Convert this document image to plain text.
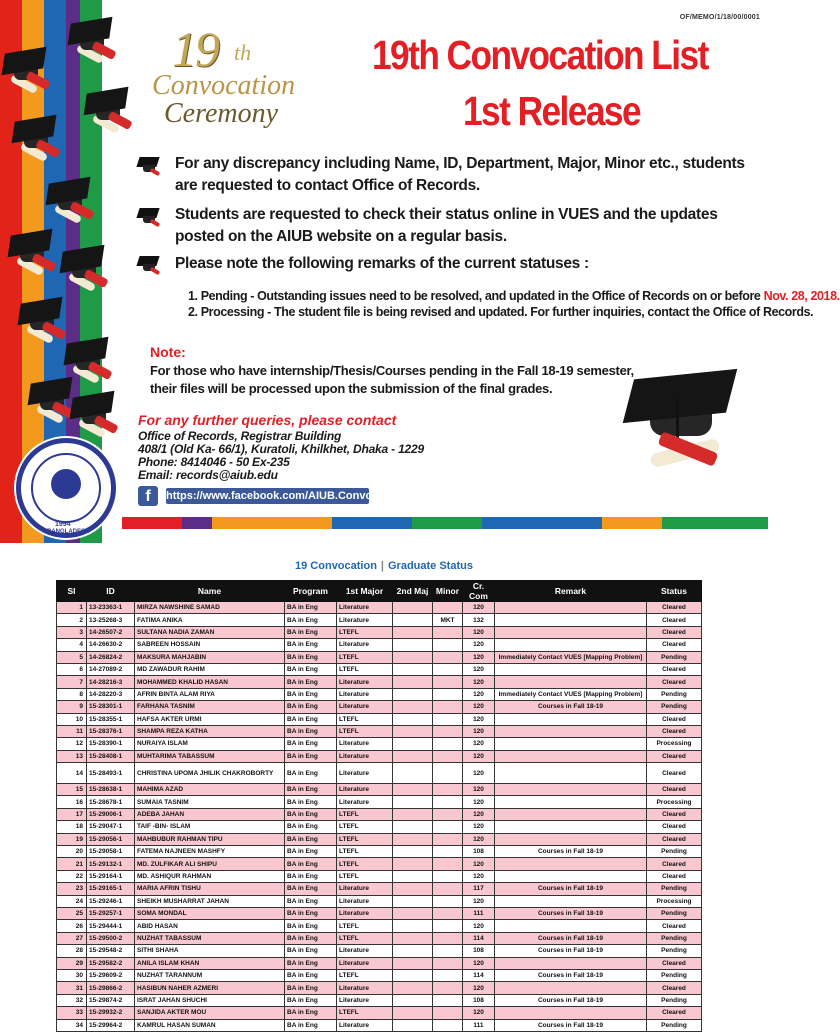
1994
BANGLADESH
OF/MEMO/1/18/00/0001
19 th
Convocation
Ceremony
19th Convocation List
1st Release
For any discrepancy including Name, ID, Department, Major, Minor etc., students are requested to contact Office of Records.
Students are requested to check their status online in VUES and the updates posted on the AIUB website on a regular basis.
Please note the following remarks of the current statuses :
1. Pending - Outstanding issues need to be resolved, and updated in the Office of Records on or before Nov. 28, 2018.
2. Processing - The student file is being revised and updated. For further inquiries, contact the Office of Records.
Note:
For those who have internship/Thesis/Courses pending in the Fall 18-19 semester,
their files will be processed upon the submission of the final grades.
For any further queries, please contact
Office of Records, Registrar Building
408/1 (Old Ka- 66/1), Kuratoli, Khilkhet, Dhaka - 1229
Phone: 8414046 - 50 Ex-235
Email: records@aiub.edu
f	https://www.facebook.com/AIUB.Convo
19 Convocation | Graduate Status
Sl	ID	Name	Program	1st Major	2nd Maj	Minor	Cr. Com	Remark	Status
1	13-23363-1	MIRZA NAWSHINE SAMAD	BA in Eng	Literature			120		Cleared
2	13-25268-3	FATIMA ANIKA	BA in Eng	Literature		MKT	132		Cleared
3	14-26507-2	SULTANA NADIA ZAMAN	BA in Eng	LTEFL			120		Cleared
4	14-26630-2	SABREEN HOSSAIN	BA in Eng	Literature			120		Cleared
5	14-26824-2	MAKSURA MAHJABIN	BA in Eng	LTEFL			120	Immediately Contact VUES [Mapping Problem]	Pending
6	14-27089-2	MD ZAWADUR RAHIM	BA in Eng	LTEFL			120		Cleared
7	14-28216-3	MOHAMMED KHALID HASAN	BA in Eng	Literature			120		Cleared
8	14-28220-3	AFRIN BINTA ALAM RIYA	BA in Eng	Literature			120	Immediately Contact VUES [Mapping Problem]	Pending
9	15-28301-1	FARHANA TASNIM	BA in Eng	Literature			120	Courses in Fall 18-19	Pending
10	15-28355-1	HAFSA AKTER URMI	BA in Eng	LTEFL			120		Cleared
11	15-28376-1	SHAMPA REZA KATHA	BA in Eng	LTEFL			120		Cleared
12	15-28390-1	NURAIYA ISLAM	BA in Eng	Literature			120		Processing
13	15-28408-1	MUHTARIMA TABASSUM	BA in Eng	Literature			120		Cleared
14	15-28493-1	CHRISTINA UPOMA JHILIK CHAKROBORTY	BA in Eng	Literature			120		Cleared
15	15-28638-1	MAHIMA AZAD	BA in Eng	Literature			120		Cleared
16	15-28678-1	SUMAIA TASNIM	BA in Eng	Literature			120		Processing
17	15-29006-1	ADEBA JAHAN	BA in Eng	LTEFL			120		Cleared
18	15-29047-1	TAIF -BIN- ISLAM	BA in Eng	LTEFL			120		Cleared
19	15-29056-1	MAHBUBUR RAHMAN TIPU	BA in Eng	LTEFL			120		Cleared
20	15-29058-1	FATEMA NAJNEEN MASHFY	BA in Eng	LTEFL			108	Courses in Fall 18-19	Pending
21	15-29132-1	MD. ZULFIKAR ALI SHIPU	BA in Eng	LTEFL			120		Cleared
22	15-29164-1	MD. ASHIQUR RAHMAN	BA in Eng	LTEFL			120		Cleared
23	15-29165-1	MARIA AFRIN TISHU	BA in Eng	Literature			117	Courses in Fall 18-19	Pending
24	15-29246-1	SHEIKH MUSHARRAT JAHAN	BA in Eng	Literature			120		Processing
25	15-29257-1	SOMA MONDAL	BA in Eng	Literature			111	Courses in Fall 18-19	Pending
26	15-29444-1	ABID HASAN	BA in Eng	LTEFL			120		Cleared
27	15-29500-2	NUZHAT TABASSUM	BA in Eng	LTEFL			114	Courses in Fall 18-19	Pending
28	15-29548-2	SITHI SHAHA	BA in Eng	Literature			108	Courses in Fall 18-19	Pending
29	15-29582-2	ANILA ISLAM KHAN	BA in Eng	Literature			120		Cleared
30	15-29609-2	NUZHAT TARANNUM	BA in Eng	LTEFL			114	Courses in Fall 18-19	Pending
31	15-29866-2	HASIBUN NAHER AZMERI	BA in Eng	Literature			120		Cleared
32	15-29874-2	ISRAT JAHAN SHUCHI	BA in Eng	Literature			108	Courses in Fall 18-19	Pending
33	15-29932-2	SANJIDA AKTER MOU	BA in Eng	LTEFL			120		Cleared
34	15-29964-2	KAMRUL HASAN SUMAN	BA in Eng	Literature			111	Courses in Fall 18-19	Pending
